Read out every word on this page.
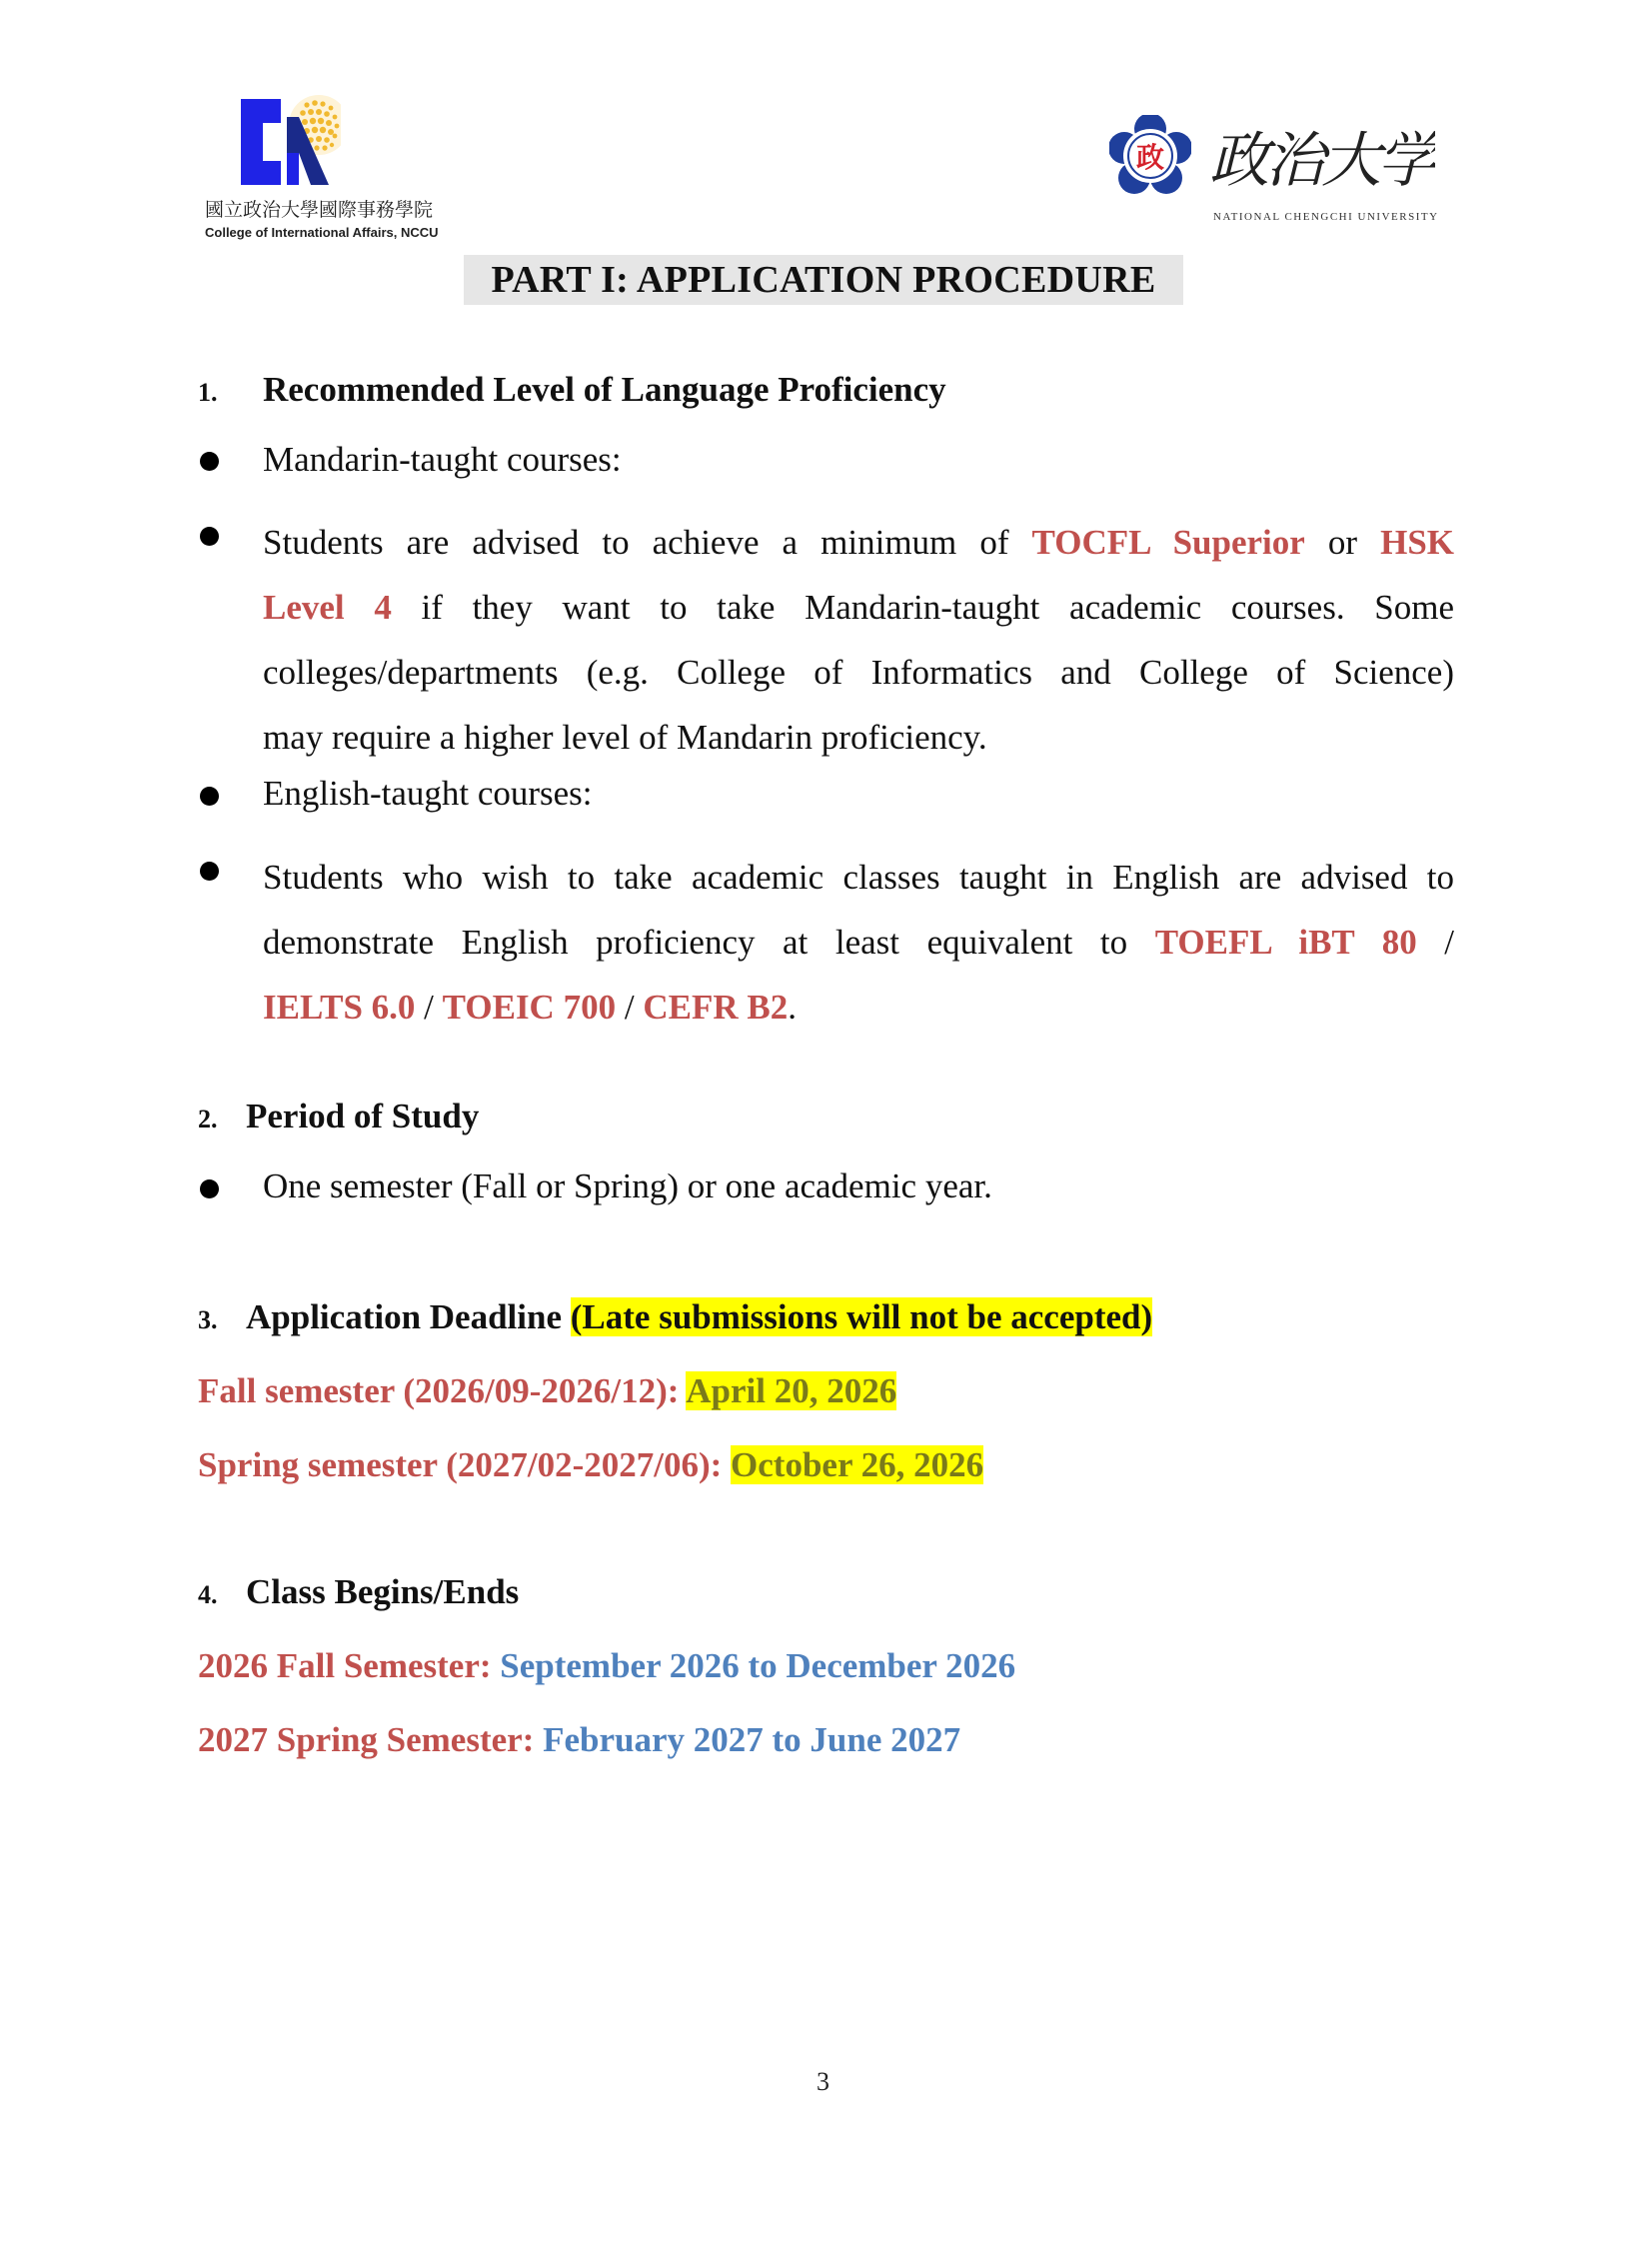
國立政治大學國際事務學院
College of International Affairs, NCCU
政 政治大学
NATIONAL CHENGCHI UNIVERSITY
PART I: APPLICATION PROCEDURE
1. Recommended Level of Language Proficiency
Mandarin-taught courses:
Students are advised to achieve a minimum of TOCFL Superior or HSK
Level 4 if they want to take Mandarin-taught academic courses. Some
colleges/departments (e.g. College of Informatics and College of Science)
may require a higher level of Mandarin proficiency.
English-taught courses:
Students who wish to take academic classes taught in English are advised to
demonstrate English proficiency at least equivalent to TOEFL iBT 80 /
IELTS 6.0 / TOEIC 700 / CEFR B2.
2. Period of Study
One semester (Fall or Spring) or one academic year.
3. Application Deadline (Late submissions will not be accepted)
Fall semester (2026/09-2026/12): April 20, 2026
Spring semester (2027/02-2027/06): October 26, 2026
4. Class Begins/Ends
2026 Fall Semester: September 2026 to December 2026
2027 Spring Semester: February 2027 to June 2027
3
